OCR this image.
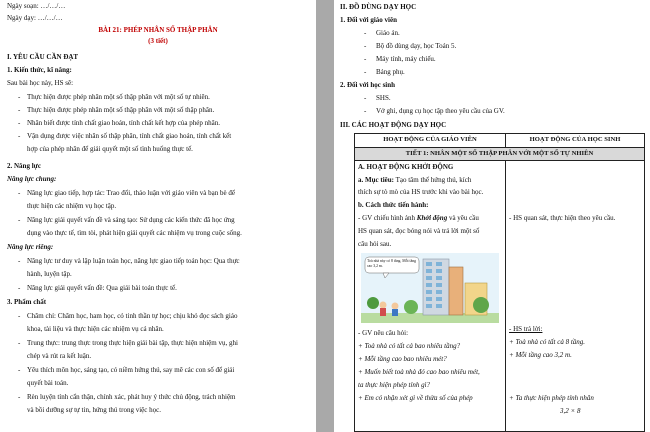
Ngày soạn: …/…/…
Ngày dạy: …/…/…
BÀI 21: PHÉP NHÂN SỐ THẬP PHÂN
(3 tiết)
I. YÊU CẦU CẦN ĐẠT
1. Kiến thức, kĩ năng:
Sau bài học này, HS sẽ:
- Thực hiện được phép nhân một số thập phân với một số tự nhiên.
- Thực hiện được phép nhân một số thập phân với một số thập phân.
- Nhân biết được tính chất giao hoán, tính chất kết hợp của phép nhân.
- Vận dụng được việc nhân số thập phân, tính chất giao hoán, tính chất kết
hợp của phép nhân để giải quyết một số tình huống thực tế.
2. Năng lực
Năng lực chung:
- Năng lực giao tiếp, hợp tác: Trao đổi, thảo luận với giáo viên và bạn bè để
thực hiện các nhiệm vụ học tập.
- Năng lực giải quyết vấn đề và sáng tạo: Sử dụng các kiến thức đã học ứng
dụng vào thực tế, tìm tòi, phát hiện giải quyết các nhiệm vụ trong cuộc sống.
Năng lực riêng:
- Năng lực tư duy và lập luận toán học, năng lực giao tiếp toán học: Qua thực
hành, luyện tập.
- Năng lực giải quyết vấn đề: Qua giải bài toán thực tế.
3. Phẩm chất
- Chăm chỉ: Chăm học, ham học, có tinh thần tự học; chịu khó đọc sách giáo
khoa, tài liệu và thực hiện các nhiệm vụ cá nhân.
- Trung thực: trung thực trong thực hiện giải bài tập, thực hiện nhiệm vụ, ghi
chép và rút ra kết luận.
- Yêu thích môn học, sáng tạo, có niềm hứng thú, say mê các con số để giải
quyết bài toán.
- Rèn luyện tính cẩn thận, chính xác, phát huy ý thức chủ động, trách nhiệm
và bồi dưỡng sự tự tin, hứng thú trong việc học.
II. ĐỒ DÙNG DẠY HỌC
1. Đối với giáo viên
- Giáo án.
- Bộ đồ dùng dạy, học Toán 5.
- Máy tính, máy chiếu.
- Bảng phụ.
2. Đối với học sinh
- SHS.
- Vở ghi, dụng cụ học tập theo yêu cầu của GV.
III. CÁC HOẠT ĐỘNG DẠY HỌC
HOẠT ĐỘNG CỦA GIÁO VIÊN	HOẠT ĐỘNG CỦA HỌC SINH
TIẾT 1: NHÂN MỘT SỐ THẬP PHÂN VỚI MỘT SỐ TỰ NHIÊN
A. HOẠT ĐỘNG KHỞI ĐỘNG
a. Mục tiêu: Tạo tâm thế hứng thú, kích
thích sự tò mò của HS trước khi vào bài học.
b. Cách thức tiến hành:
- GV chiếu hình ảnh Khởi động và yêu cầu
HS quan sát, đọc bóng nói và trả lời một số
câu hỏi sau.
- HS quan sát, thực hiện theo yêu cầu.
Toà nhà này có 8 tầng. Mỗi tầng cao 3,2 m.
- GV nêu câu hỏi:
+ Toà nhà có tất cả bao nhiêu tầng?
+ Mỗi tầng cao bao nhiêu mét?
+ Muốn biết toà nhà đó cao bao nhiêu mét,
ta thực hiện phép tính gì?
+ Em có nhận xét gì về thừa số của phép
- HS trả lời:
+ Toà nhà có tất cả 8 tầng.
+ Mỗi tầng cao 3,2 m.
+ Ta thực hiện phép tính nhân
3,2 × 8
